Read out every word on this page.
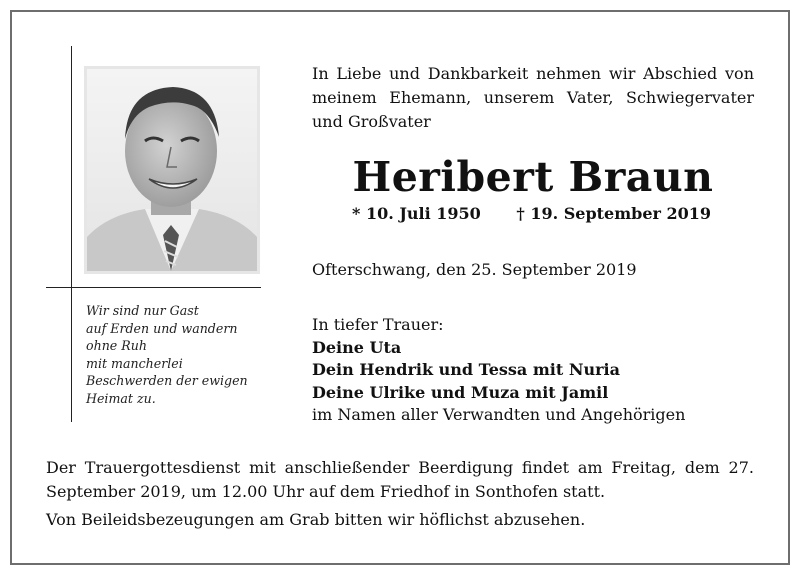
Wir sind nur Gast
auf Erden und wandern
ohne Ruh
mit mancherlei
Beschwerden der ewigen
Heimat zu.
In Liebe und Dankbarkeit nehmen wir Abschied von meinem Ehemann, unserem Vater, Schwiegervater und Großvater
Heribert Braun
* 10. Juli 1950 † 19. September 2019
Ofterschwang, den 25. September 2019
In tiefer Trauer:
Deine Uta
Dein Hendrik und Tessa mit Nuria
Deine Ulrike und Muza mit Jamil
im Namen aller Verwandten und Angehörigen
Der Trauergottesdienst mit anschließender Beerdigung findet am Freitag, dem 27. September 2019, um 12.00 Uhr auf dem Friedhof in Sonthofen statt.
Von Beileidsbezeugungen am Grab bitten wir höflichst abzusehen.
